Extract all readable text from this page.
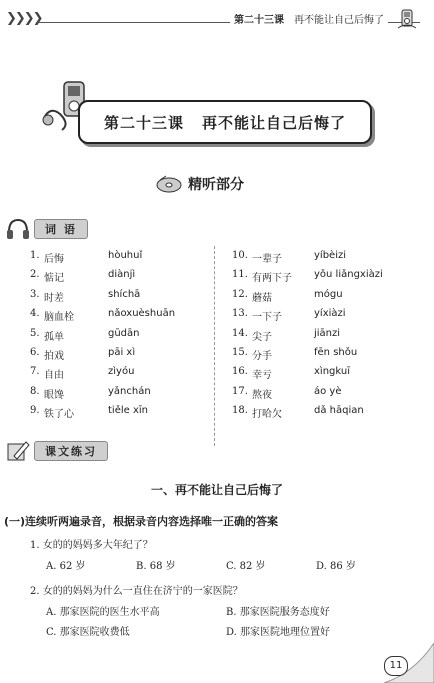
❯❯❯❯	第二十三课 再不能让自己后悔了
第二十三课 再不能让自己后悔了
精听部分
词 语
1. 后悔	hòuhuǐ
2. 惦记	diànjì
3. 时差	shíchā
4. 脑血栓	nǎoxuèshuān
5. 孤单	gūdān
6. 拍戏	pāi xì
7. 自由	zìyóu
8. 眼馋	yǎnchán
9. 铁了心	tiěle xīn
10. 一辈子	yíbèizi
11. 有两下子 yǒu liǎngxiàzi
12. 蘑菇	mógu
13. 一下子	yíxiàzi
14. 尖子	jiānzi
15. 分手	fēn shǒu
16. 幸亏	xìngkuī
17. 熬夜	áo yè
18. 打哈欠	dǎ hāqian
课文练习
一、再不能让自己后悔了
(一)连续听两遍录音，根据录音内容选择唯一正确的答案
1. 女的的妈妈多大年纪了？
A. 62 岁	B. 68 岁	C. 82 岁	D. 86 岁
2. 女的的妈妈为什么一直住在济宁的一家医院？
A. 那家医院的医生水平高	B. 那家医院服务态度好
C. 那家医院收费低	D. 那家医院地理位置好
11
